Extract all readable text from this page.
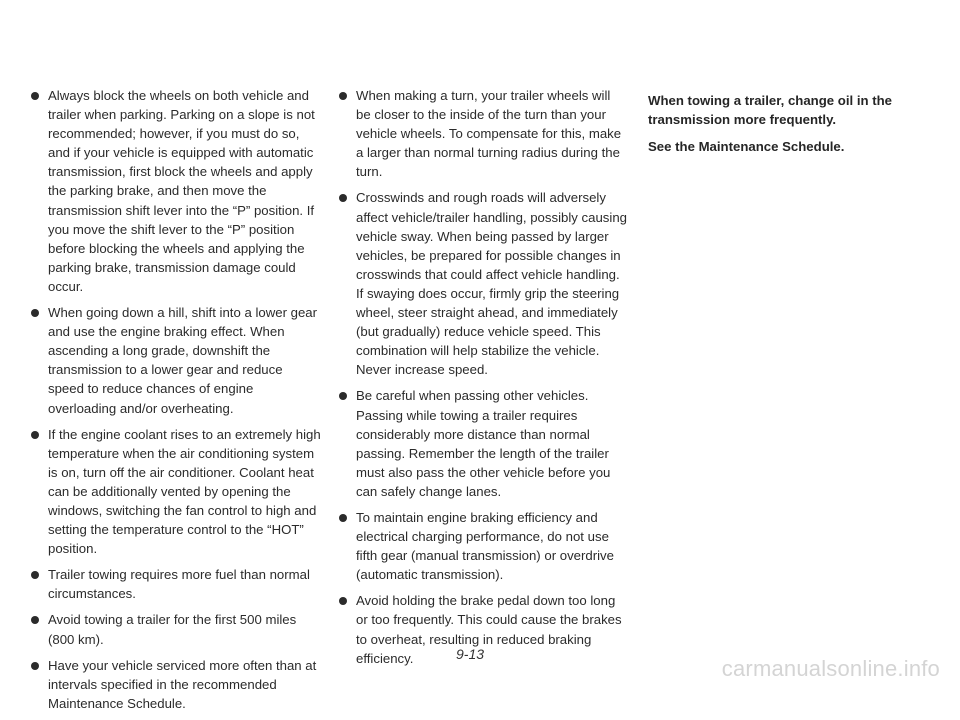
Always block the wheels on both vehicle and trailer when parking. Parking on a slope is not recommended; however, if you must do so, and if your vehicle is equipped with automatic transmission, first block the wheels and apply the parking brake, and then move the transmission shift lever into the “P” position. If you move the shift lever to the “P” position before blocking the wheels and applying the parking brake, transmission damage could occur.
When going down a hill, shift into a lower gear and use the engine braking effect. When ascending a long grade, downshift the transmission to a lower gear and reduce speed to reduce chances of engine overloading and/or overheating.
If the engine coolant rises to an extremely high temperature when the air conditioning system is on, turn off the air conditioner. Coolant heat can be additionally vented by opening the windows, switching the fan control to high and setting the temperature control to the “HOT” position.
Trailer towing requires more fuel than normal circumstances.
Avoid towing a trailer for the first 500 miles (800 km).
Have your vehicle serviced more often than at intervals specified in the recommended Maintenance Schedule.
When making a turn, your trailer wheels will be closer to the inside of the turn than your vehicle wheels. To compensate for this, make a larger than normal turning radius during the turn.
Crosswinds and rough roads will adversely affect vehicle/trailer handling, possibly causing vehicle sway. When being passed by larger vehicles, be prepared for possible changes in crosswinds that could affect vehicle handling. If swaying does occur, firmly grip the steering wheel, steer straight ahead, and immediately (but gradually) reduce vehicle speed. This combination will help stabilize the vehicle. Never increase speed.
Be careful when passing other vehicles. Passing while towing a trailer requires considerably more distance than normal passing. Remember the length of the trailer must also pass the other vehicle before you can safely change lanes.
To maintain engine braking efficiency and electrical charging performance, do not use fifth gear (manual transmission) or overdrive (automatic transmission).
Avoid holding the brake pedal down too long or too frequently. This could cause the brakes to overheat, resulting in reduced braking efficiency.

When towing a trailer, change oil in the transmission more frequently.

See the Maintenance Schedule.

9-13
carmanualsonline.info
